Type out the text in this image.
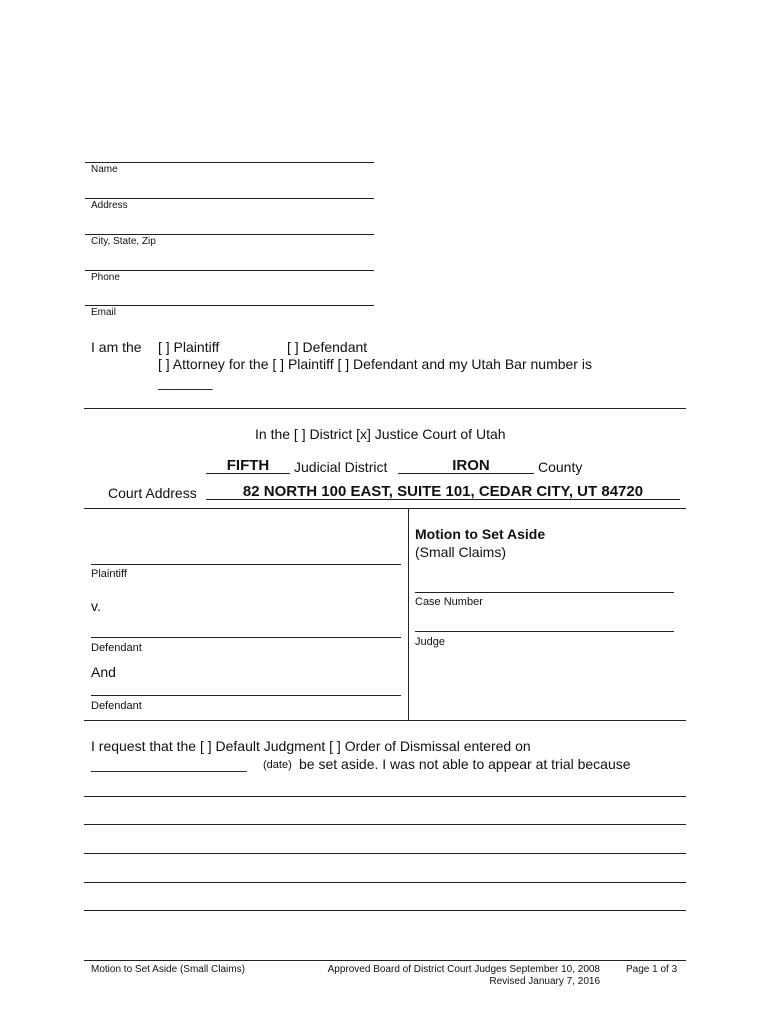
Name
Address
City, State, Zip
Phone
Email
I am the [ ] Plaintiff	[ ] Defendant
[ ] Attorney for the [ ] Plaintiff [ ] Defendant and my Utah Bar number is
_______
In the [ ] District [x] Justice Court of Utah
FIFTH	Judicial District	IRON	County
Court Address	82 NORTH 100 EAST, SUITE 101, CEDAR CITY, UT 84720
Plaintiff
v.
Defendant
And
Defendant
Motion to Set Aside
(Small Claims)
Case Number
Judge
I request that the [ ] Default Judgment [ ] Order of Dismissal entered on
____________________ (date) be set aside. I was not able to appear at trial because
Motion to Set Aside (Small Claims)	Approved Board of District Court Judges September 10, 2008
Revised January 7, 2016
Page 1 of 3
